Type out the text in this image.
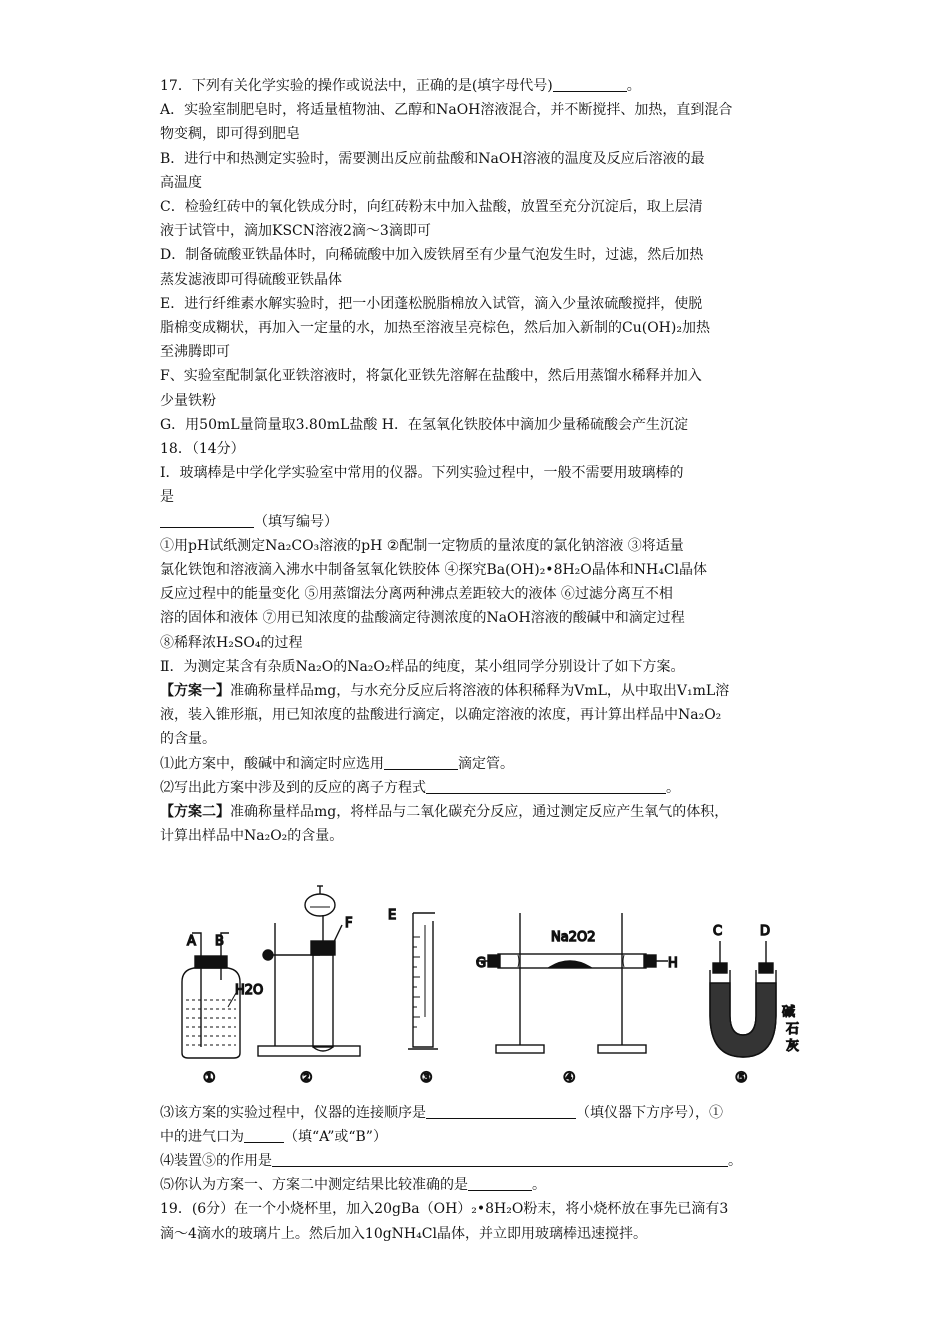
17．下列有关化学实验的操作或说法中，正确的是(填字母代号)	。
A．实验室制肥皂时，将适量植物油、乙醇和NaOH溶液混合，并不断搅拌、加热，直到混合
物变稠，即可得到肥皂
B．进行中和热测定实验时，需要测出反应前盐酸和NaOH溶液的温度及反应后溶液的最
高温度
C．检验红砖中的氧化铁成分时，向红砖粉末中加入盐酸，放置至充分沉淀后，取上层清
液于试管中，滴加KSCN溶液2滴～3滴即可
D．制备硫酸亚铁晶体时，向稀硫酸中加入废铁屑至有少量气泡发生时，过滤，然后加热
蒸发滤液即可得硫酸亚铁晶体
E．进行纤维素水解实验时，把一小团蓬松脱脂棉放入试管，滴入少量浓硫酸搅拌，使脱
脂棉变成糊状，再加入一定量的水，加热至溶液呈亮棕色，然后加入新制的Cu(OH)₂加热
至沸腾即可
F、实验室配制氯化亚铁溶液时，将氯化亚铁先溶解在盐酸中，然后用蒸馏水稀释并加入
少量铁粉
G．用50mL量筒量取3.80mL盐酸 H．在氢氧化铁胶体中滴加少量稀硫酸会产生沉淀
18．（14分）
Ⅰ．玻璃棒是中学化学实验室中常用的仪器。下列实验过程中，一般不需要用玻璃棒的
是
（填写编号）
①用pH试纸测定Na₂CO₃溶液的pH ②配制一定物质的量浓度的氯化钠溶液 ③将适量
氯化铁饱和溶液滴入沸水中制备氢氧化铁胶体 ④探究Ba(OH)₂•8H₂O晶体和NH₄Cl晶体
反应过程中的能量变化 ⑤用蒸馏法分离两种沸点差距较大的液体 ⑥过滤分离互不相
溶的固体和液体 ⑦用已知浓度的盐酸滴定待测浓度的NaOH溶液的酸碱中和滴定过程
⑧稀释浓H₂SO₄的过程
Ⅱ．为测定某含有杂质Na₂O的Na₂O₂样品的纯度，某小组同学分别设计了如下方案。
【方案一】准确称量样品mg，与水充分反应后将溶液的体积稀释为VmL，从中取出V₁mL溶
液，装入锥形瓶，用已知浓度的盐酸进行滴定，以确定溶液的浓度，再计算出样品中Na₂O₂
的含量。
⑴此方案中，酸碱中和滴定时应选用	滴定管。
⑵写出此方案中涉及到的反应的离子方程式	。
【方案二】准确称量样品mg，将样品与二氧化碳充分反应，通过测定反应产生氧气的体积，
计算出样品中Na₂O₂的含量。
⑶该方案的实验过程中，仪器的连接顺序是	（填仪器下方序号），①
中的进气口为	（填“A”或“B”）
⑷装置⑤的作用是	。
⑸你认为方案一、方案二中测定结果比较准确的是	。
19．(6分）在一个小烧杯里，加入20gBa（OH）₂•8H₂O粉末，将小烧杯放在事先已滴有3
滴～4滴水的玻璃片上。然后加入10gNH₄Cl晶体，并立即用玻璃棒迅速搅拌。
A B
H2O
F
E
Na2O2
G	H
C	D
碱
石
灰
①	②	③	④	⑤
